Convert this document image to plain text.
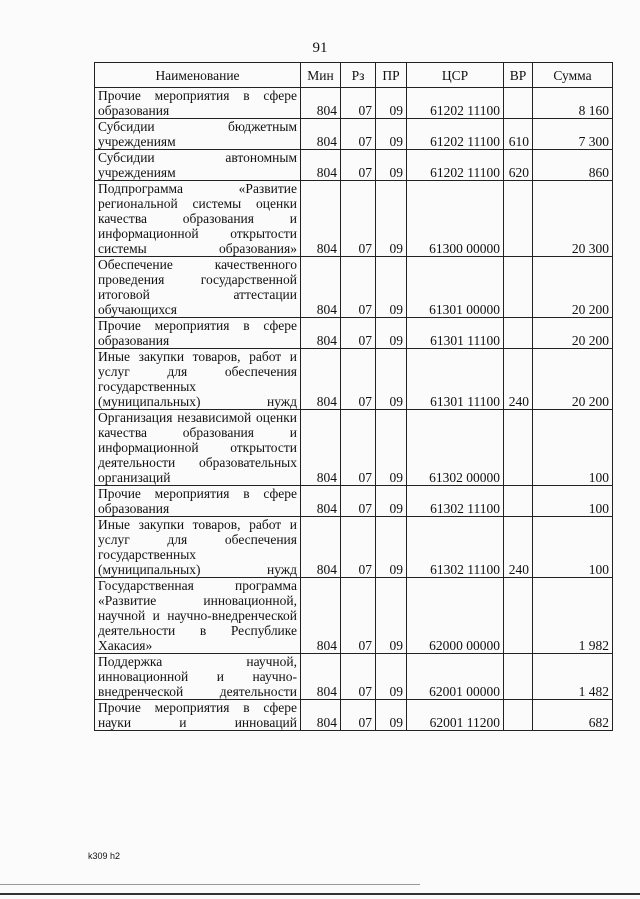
91
Наименование	Мин	Рз	ПР	ЦСР	ВР	Сумма
Прочие мероприятия в сфере образования	804	07	09	61202 11100		8 160
Субсидии бюджетным учреждениям	804	07	09	61202 11100	610	7 300
Субсидии автономным учреждениям	804	07	09	61202 11100	620	860
Подпрограмма «Развитие региональной системы оценки качества образования и информационной открытости системы образования»	804	07	09	61300 00000		20 300
Обеспечение качественного проведения государственной итоговой аттестации обучающихся	804	07	09	61301 00000		20 200
Прочие мероприятия в сфере образования	804	07	09	61301 11100		20 200
Иные закупки товаров, работ и услуг для обеспечения государственных (муниципальных) нужд	804	07	09	61301 11100	240	20 200
Организация независимой оценки качества образования и информационной открытости деятельности образовательных организаций	804	07	09	61302 00000		100
Прочие мероприятия в сфере образования	804	07	09	61302 11100		100
Иные закупки товаров, работ и услуг для обеспечения государственных (муниципальных) нужд	804	07	09	61302 11100	240	100
Государственная программа «Развитие инновационной, научной и научно-внедренческой деятельности в Республике Хакасия»	804	07	09	62000 00000		1 982
Поддержка научной, инновационной и научно-внедренческой деятельности	804	07	09	62001 00000		1 482
Прочие мероприятия в сфере науки и инноваций	804	07	09	62001 11200		682
k309 h2
